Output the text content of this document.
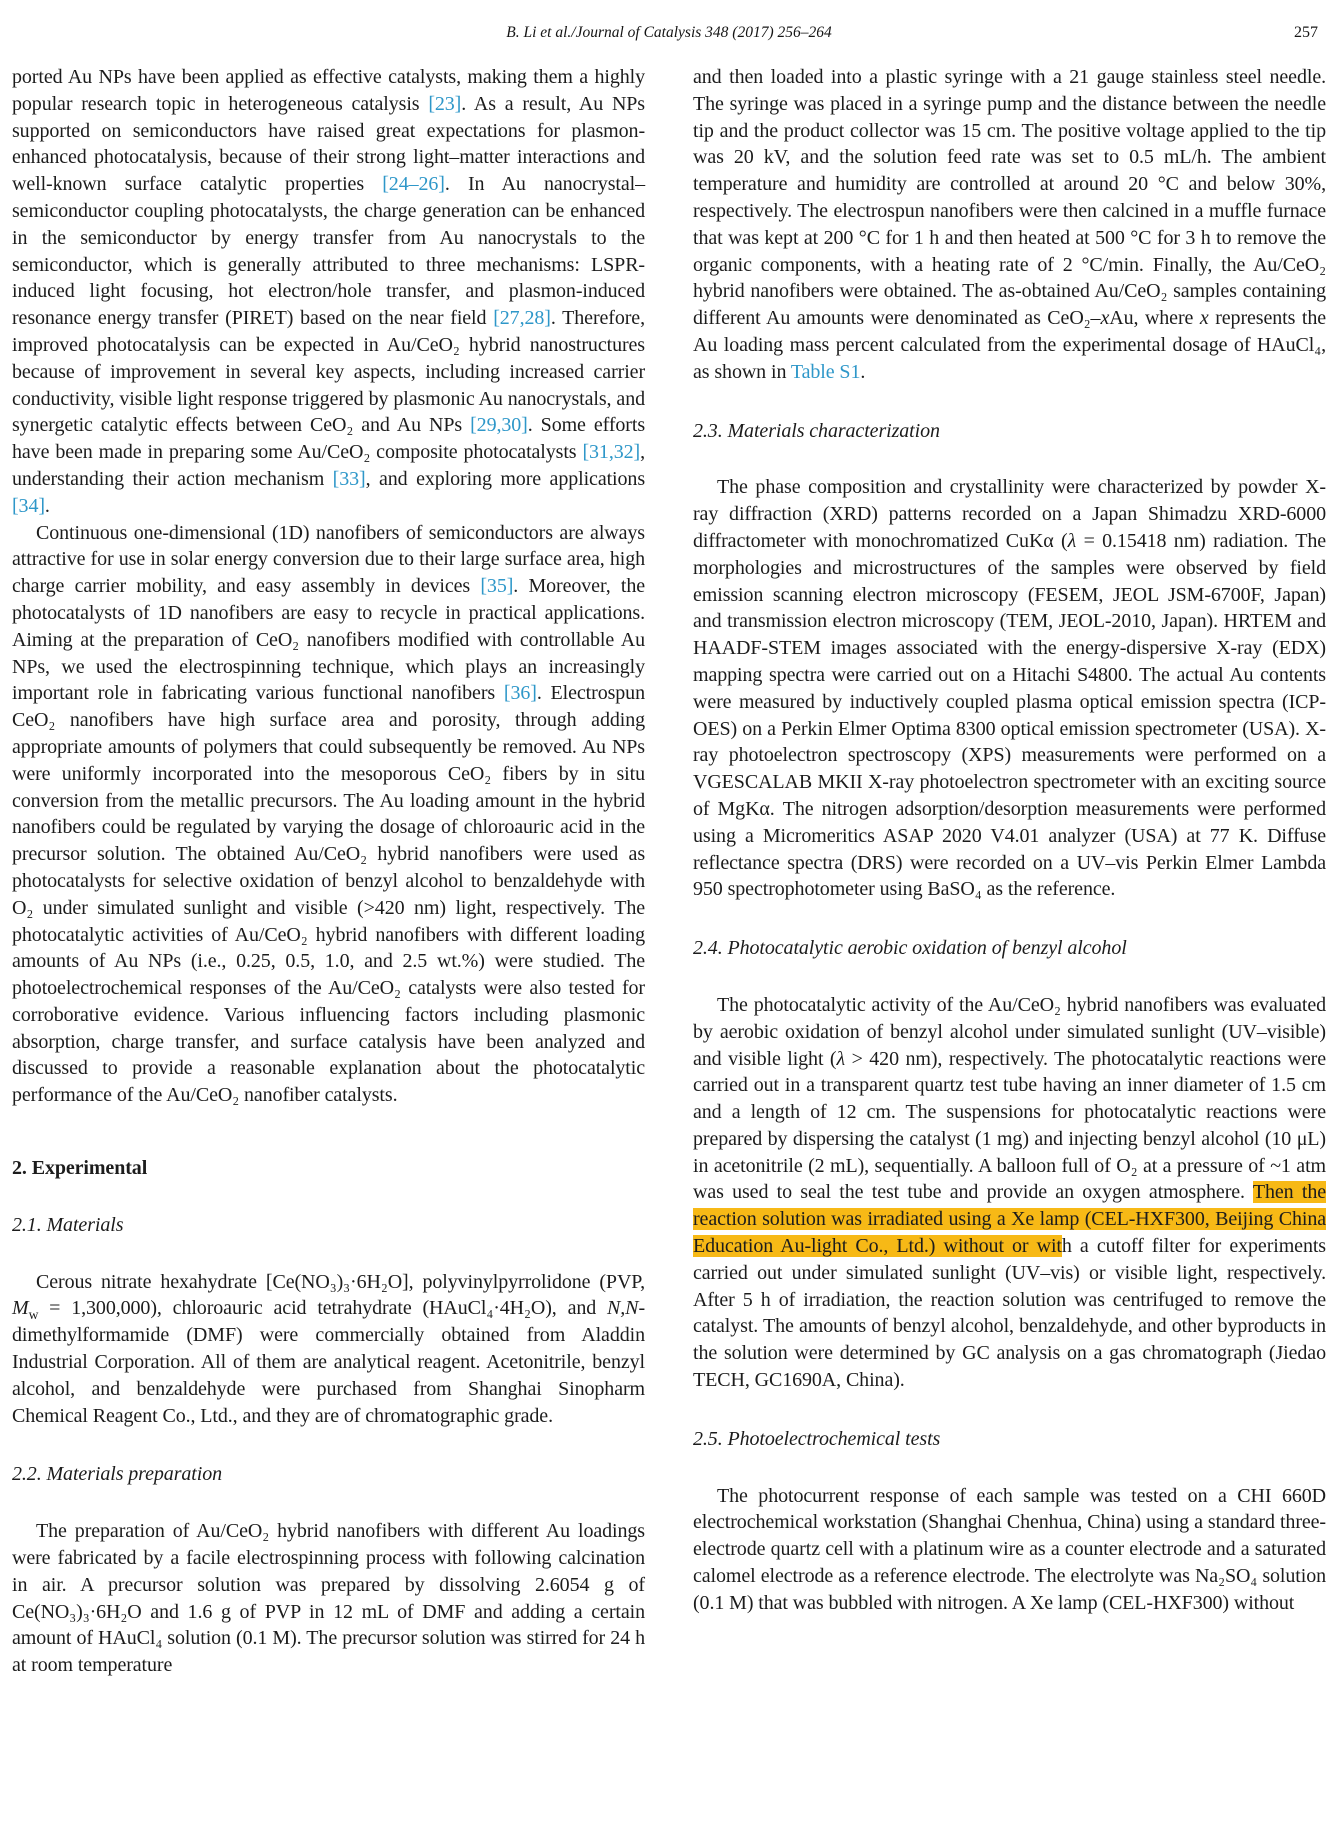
B. Li et al./Journal of Catalysis 348 (2017) 256–264	257

ported Au NPs have been applied as effective catalysts, making them a highly popular research topic in heterogeneous catalysis [23]. As a result, Au NPs supported on semiconductors have raised great expectations for plasmon-enhanced photocatalysis, because of their strong light–matter interactions and well-known surface catalytic properties [24–26]. In Au nanocrystal–semiconductor coupling photocatalysts, the charge generation can be enhanced in the semiconductor by energy transfer from Au nanocrystals to the semiconductor, which is generally attributed to three mechanisms: LSPR-induced light focusing, hot electron/hole transfer, and plasmon-induced resonance energy transfer (PIRET) based on the near field [27,28]. Therefore, improved photocatalysis can be expected in Au/CeO₂ hybrid nanostructures because of improvement in several key aspects, including increased carrier conductivity, visible light response triggered by plasmonic Au nanocrystals, and synergetic catalytic effects between CeO₂ and Au NPs [29,30]. Some efforts have been made in preparing some Au/CeO₂ composite photocatalysts [31,32], understanding their action mechanism [33], and exploring more applications [34].

Continuous one-dimensional (1D) nanofibers of semiconductors are always attractive for use in solar energy conversion due to their large surface area, high charge carrier mobility, and easy assembly in devices [35]. Moreover, the photocatalysts of 1D nanofibers are easy to recycle in practical applications. Aiming at the preparation of CeO₂ nanofibers modified with controllable Au NPs, we used the electrospinning technique, which plays an increasingly important role in fabricating various functional nanofibers [36]. Electrospun CeO₂ nanofibers have high surface area and porosity, through adding appropriate amounts of polymers that could subsequently be removed. Au NPs were uniformly incorporated into the mesoporous CeO₂ fibers by in situ conversion from the metallic precursors. The Au loading amount in the hybrid nanofibers could be regulated by varying the dosage of chloroauric acid in the precursor solution. The obtained Au/CeO₂ hybrid nanofibers were used as photocatalysts for selective oxidation of benzyl alcohol to benzaldehyde with O₂ under simulated sunlight and visible (>420 nm) light, respectively. The photocatalytic activities of Au/CeO₂ hybrid nanofibers with different loading amounts of Au NPs (i.e., 0.25, 0.5, 1.0, and 2.5 wt.%) were studied. The photoelectrochemical responses of the Au/CeO₂ catalysts were also tested for corroborative evidence. Various influencing factors including plasmonic absorption, charge transfer, and surface catalysis have been analyzed and discussed to provide a reasonable explanation about the photocatalytic performance of the Au/CeO₂ nanofiber catalysts.

2. Experimental
2.1. Materials

Cerous nitrate hexahydrate [Ce(NO₃)₃·6H₂O], polyvinylpyrrolidone (PVP, $M_w = 1,300,000$), chloroauric acid tetrahydrate (HAuCl₄·4H₂O), and N,N-dimethylformamide (DMF) were commercially obtained from Aladdin Industrial Corporation. All of them are analytical reagent. Acetonitrile, benzyl alcohol, and benzaldehyde were purchased from Shanghai Sinopharm Chemical Reagent Co., Ltd., and they are of chromatographic grade.

2.2. Materials preparation

The preparation of Au/CeO₂ hybrid nanofibers with different Au loadings were fabricated by a facile electrospinning process with following calcination in air. A precursor solution was prepared by dissolving 2.6054 g of Ce(NO₃)₃·6H₂O and 1.6 g of PVP in 12 mL of DMF and adding a certain amount of HAuCl₄ solution (0.1 M). The precursor solution was stirred for 24 h at room temperature

and then loaded into a plastic syringe with a 21 gauge stainless steel needle. The syringe was placed in a syringe pump and the distance between the needle tip and the product collector was 15 cm. The positive voltage applied to the tip was 20 kV, and the solution feed rate was set to 0.5 mL/h. The ambient temperature and humidity are controlled at around 20 °C and below 30%, respectively. The electrospun nanofibers were then calcined in a muffle furnace that was kept at 200 °C for 1 h and then heated at 500 °C for 3 h to remove the organic components, with a heating rate of 2 °C/min. Finally, the Au/CeO₂ hybrid nanofibers were obtained. The as-obtained Au/CeO₂ samples containing different Au amounts were denominated as CeO₂–xAu, where x represents the Au loading mass percent calculated from the experimental dosage of HAuCl₄, as shown in Table S1.

2.3. Materials characterization

The phase composition and crystallinity were characterized by powder X-ray diffraction (XRD) patterns recorded on a Japan Shimadzu XRD-6000 diffractometer with monochromatized CuKα (λ = 0.15418 nm) radiation. The morphologies and microstructures of the samples were observed by field emission scanning electron microscopy (FESEM, JEOL JSM-6700F, Japan) and transmission electron microscopy (TEM, JEOL-2010, Japan). HRTEM and HAADF-STEM images associated with the energy-dispersive X-ray (EDX) mapping spectra were carried out on a Hitachi S4800. The actual Au contents were measured by inductively coupled plasma optical emission spectra (ICP-OES) on a Perkin Elmer Optima 8300 optical emission spectrometer (USA). X-ray photoelectron spectroscopy (XPS) measurements were performed on a VGESCALAB MKII X-ray photoelectron spectrometer with an exciting source of MgKα. The nitrogen adsorption/desorption measurements were performed using a Micromeritics ASAP 2020 V4.01 analyzer (USA) at 77 K. Diffuse reflectance spectra (DRS) were recorded on a UV–vis Perkin Elmer Lambda 950 spectrophotometer using BaSO₄ as the reference.

2.4. Photocatalytic aerobic oxidation of benzyl alcohol

The photocatalytic activity of the Au/CeO₂ hybrid nanofibers was evaluated by aerobic oxidation of benzyl alcohol under simulated sunlight (UV–visible) and visible light (λ > 420 nm), respectively. The photocatalytic reactions were carried out in a transparent quartz test tube having an inner diameter of 1.5 cm and a length of 12 cm. The suspensions for photocatalytic reactions were prepared by dispersing the catalyst (1 mg) and injecting benzyl alcohol (10 μL) in acetonitrile (2 mL), sequentially. A balloon full of O₂ at a pressure of ~1 atm was used to seal the test tube and provide an oxygen atmosphere. Then the reaction solution was irradiated using a Xe lamp (CEL-HXF300, Beijing China Education Au-light Co., Ltd.) without or with a cutoff filter for experiments carried out under simulated sunlight (UV–vis) or visible light, respectively. After 5 h of irradiation, the reaction solution was centrifuged to remove the catalyst. The amounts of benzyl alcohol, benzaldehyde, and other byproducts in the solution were determined by GC analysis on a gas chromatograph (Jiedao TECH, GC1690A, China).

2.5. Photoelectrochemical tests

The photocurrent response of each sample was tested on a CHI 660D electrochemical workstation (Shanghai Chenhua, China) using a standard three-electrode quartz cell with a platinum wire as a counter electrode and a saturated calomel electrode as a reference electrode. The electrolyte was Na₂SO₄ solution (0.1 M) that was bubbled with nitrogen. A Xe lamp (CEL-HXF300) without
